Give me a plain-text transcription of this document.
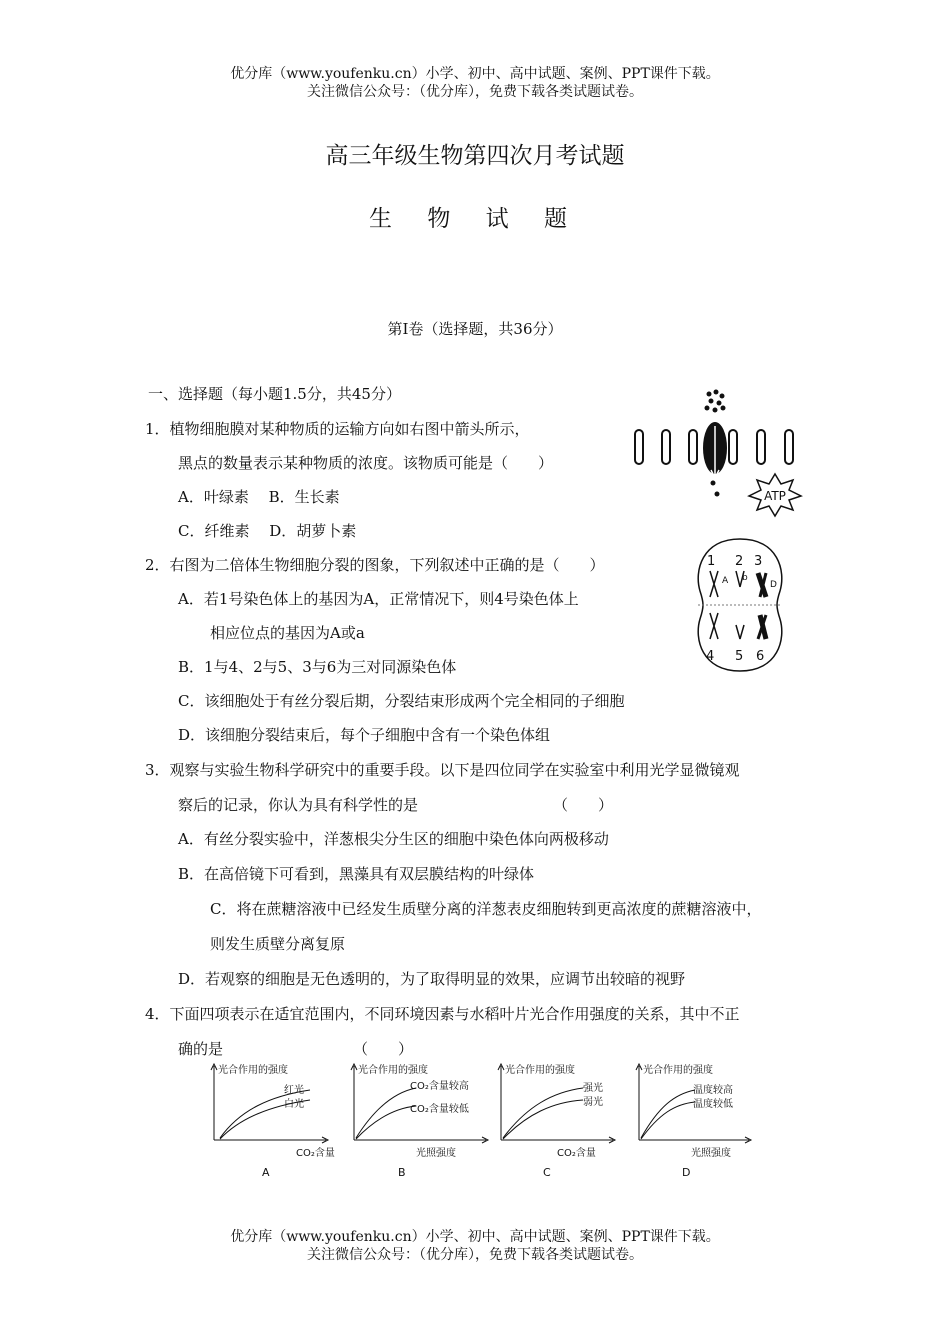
优分库（www.youfenku.cn）小学、初中、高中试题、案例、PPT课件下载。
关注微信公众号：（优分库），免费下载各类试题试卷。
高三年级生物第四次月考试题
生 物 试 题
第Ⅰ卷（选择题，共36分）
一、选择题（每小题1.5分，共45分）
1．植物细胞膜对某种物质的运输方向如右图中箭头所示，
黑点的数量表示某种物质的浓度。该物质可能是（　　）
A．叶绿素　 B．生长素
C．纤维素　 D．胡萝卜素
ATP
2．右图为二倍体生物细胞分裂的图象，下列叙述中正确的是（　　）
A．若1号染色体上的基因为A，正常情况下，则4号染色体上
相应位点的基因为A或a
B．1与4、2与5、3与6为三对同源染色体
C．该细胞处于有丝分裂后期，分裂结束形成两个完全相同的子细胞
D．该细胞分裂结束后，每个子细胞中含有一个染色体组
1 2 3
A b
D
4 5 6
3．观察与实验生物科学研究中的重要手段。以下是四位同学在实验室中利用光学显微镜观
察后的记录，你认为具有科学性的是	（　　）
A．有丝分裂实验中，洋葱根尖分生区的细胞中染色体向两极移动
B．在高倍镜下可看到，黑藻具有双层膜结构的叶绿体
C．将在蔗糖溶液中已经发生质壁分离的洋葱表皮细胞转到更高浓度的蔗糖溶液中，
则发生质壁分离复原
D．若观察的细胞是无色透明的，为了取得明显的效果，应调节出较暗的视野
4．下面四项表示在适宜范围内，不同环境因素与水稻叶片光合作用强度的关系，其中不正
确的是	（　　）
光合作用的强度
红光
白光
CO₂含量
A
光合作用的强度
CO₂含量较高
CO₂含量较低
光照强度
B
光合作用的强度
强光
弱光
CO₂含量
C
光合作用的强度
温度较高
温度较低
光照强度
D
优分库（www.youfenku.cn）小学、初中、高中试题、案例、PPT课件下载。
关注微信公众号：（优分库），免费下载各类试题试卷。
